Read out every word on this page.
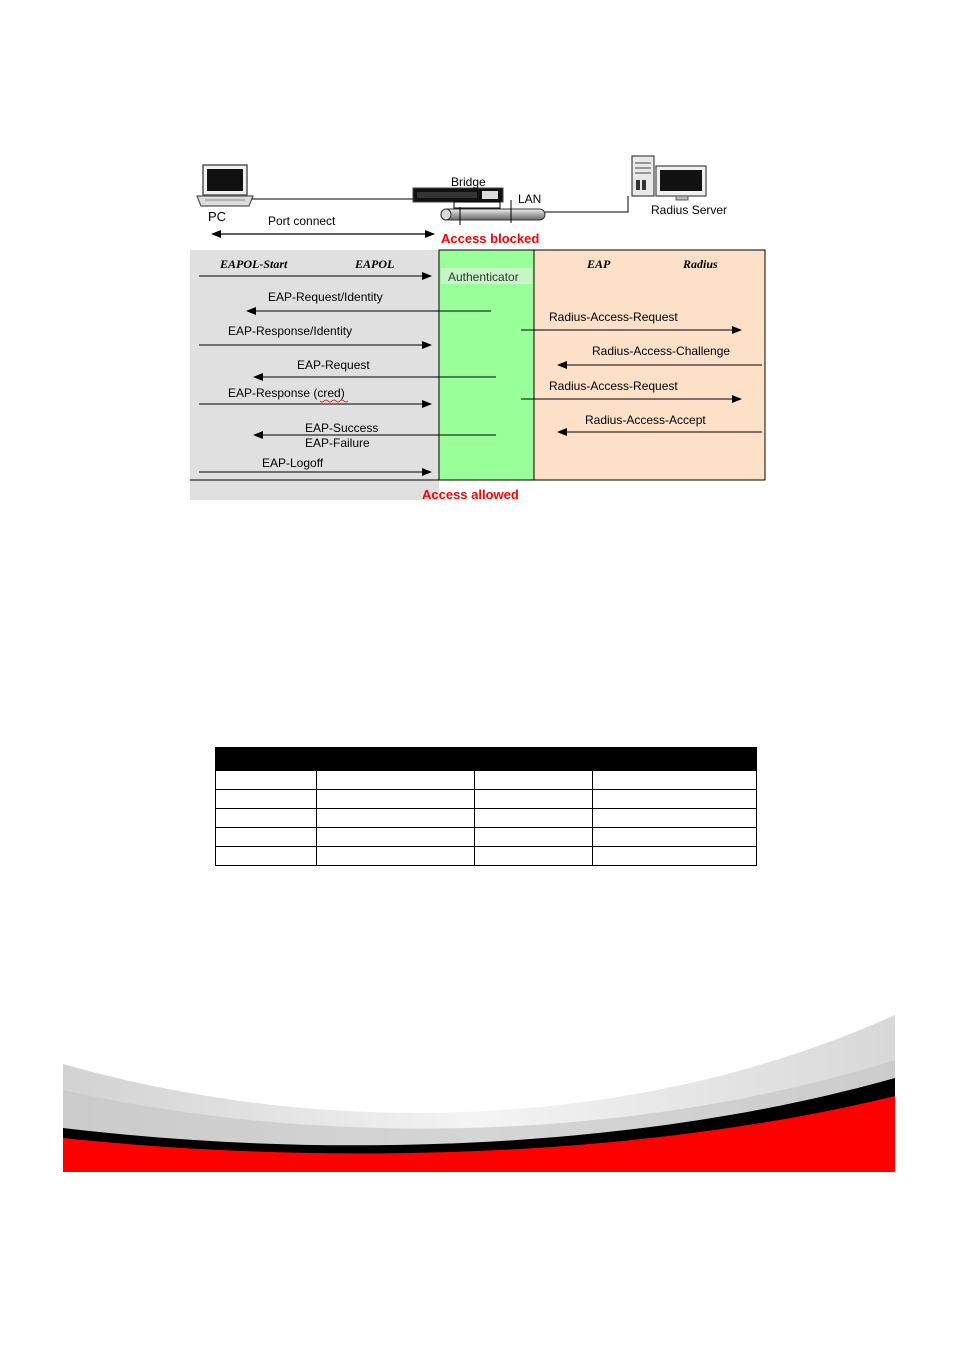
PC
Bridge
LAN
Radius Server
Port connect
Access blocked
EAPOL-Start	EAPOL
Authenticator
EAP	Radius
EAP-Request/Identity
EAP-Response/Identity
EAP-Request
EAP-Response (cred)
EAP-Success
EAP-Failure
EAP-Logoff
Radius-Access-Request
Radius-Access-Challenge
Radius-Access-Request
Radius-Access-Accept
Access allowed
